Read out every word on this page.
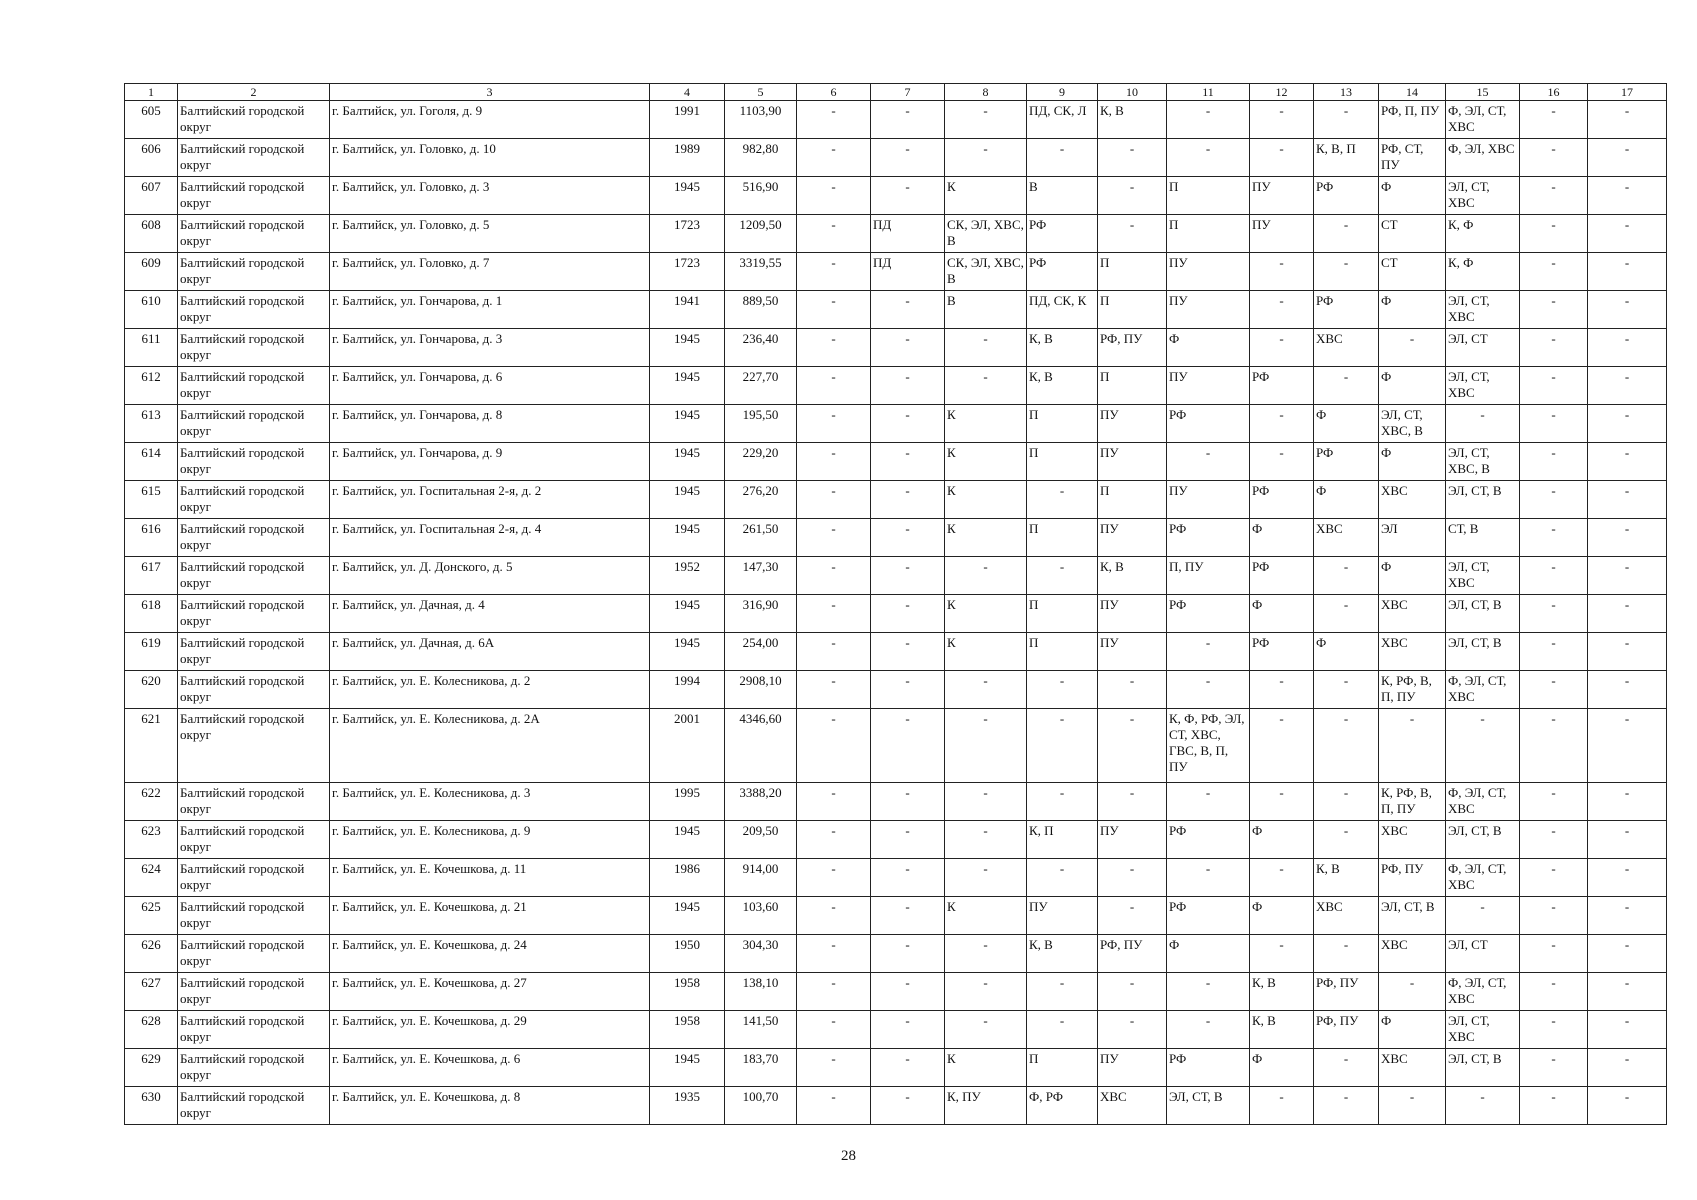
1	2	3	4	5	6	7	8	9	10	11	12	13	14	15	16	17
605	Балтийский городской округ	г. Балтийск, ул. Гоголя, д. 9	1991	1103,90	-	-	-	ПД, СК, Л	К, В	-	-	-	РФ, П, ПУ	Ф, ЭЛ, СТ, ХВС	-	-
606	Балтийский городской округ	г. Балтийск, ул. Головко, д. 10	1989	982,80	-	-	-	-	-	-	-	К, В, П	РФ, СТ, ПУ	Ф, ЭЛ, ХВС	-	-
607	Балтийский городской округ	г. Балтийск, ул. Головко, д. 3	1945	516,90	-	-	К	В	-	П	ПУ	РФ	Ф	ЭЛ, СТ, ХВС	-	-
608	Балтийский городской округ	г. Балтийск, ул. Головко, д. 5	1723	1209,50	-	ПД	СК, ЭЛ, ХВС, В	РФ	-	П	ПУ	-	СТ	К, Ф	-	-
609	Балтийский городской округ	г. Балтийск, ул. Головко, д. 7	1723	3319,55	-	ПД	СК, ЭЛ, ХВС, В	РФ	П	ПУ	-	-	СТ	К, Ф	-	-
610	Балтийский городской округ	г. Балтийск, ул. Гончарова, д. 1	1941	889,50	-	-	В	ПД, СК, К	П	ПУ	-	РФ	Ф	ЭЛ, СТ, ХВС	-	-
611	Балтийский городской округ	г. Балтийск, ул. Гончарова, д. 3	1945	236,40	-	-	-	К, В	РФ, ПУ	Ф	-	ХВС	-	ЭЛ, СТ	-	-
612	Балтийский городской округ	г. Балтийск, ул. Гончарова, д. 6	1945	227,70	-	-	-	К, В	П	ПУ	РФ	-	Ф	ЭЛ, СТ, ХВС	-	-
613	Балтийский городской округ	г. Балтийск, ул. Гончарова, д. 8	1945	195,50	-	-	К	П	ПУ	РФ	-	Ф	ЭЛ, СТ, ХВС, В	-	-	-
614	Балтийский городской округ	г. Балтийск, ул. Гончарова, д. 9	1945	229,20	-	-	К	П	ПУ	-	-	РФ	Ф	ЭЛ, СТ, ХВС, В	-	-
615	Балтийский городской округ	г. Балтийск, ул. Госпитальная 2-я, д. 2	1945	276,20	-	-	К	-	П	ПУ	РФ	Ф	ХВС	ЭЛ, СТ, В	-	-
616	Балтийский городской округ	г. Балтийск, ул. Госпитальная 2-я, д. 4	1945	261,50	-	-	К	П	ПУ	РФ	Ф	ХВС	ЭЛ	СТ, В	-	-
617	Балтийский городской округ	г. Балтийск, ул. Д. Донского, д. 5	1952	147,30	-	-	-	-	К, В	П, ПУ	РФ	-	Ф	ЭЛ, СТ, ХВС	-	-
618	Балтийский городской округ	г. Балтийск, ул. Дачная, д. 4	1945	316,90	-	-	К	П	ПУ	РФ	Ф	-	ХВС	ЭЛ, СТ, В	-	-
619	Балтийский городской округ	г. Балтийск, ул. Дачная, д. 6А	1945	254,00	-	-	К	П	ПУ	-	РФ	Ф	ХВС	ЭЛ, СТ, В	-	-
620	Балтийский городской округ	г. Балтийск, ул. Е. Колесникова, д. 2	1994	2908,10	-	-	-	-	-	-	-	-	К, РФ, В, П, ПУ	Ф, ЭЛ, СТ, ХВС	-	-
621	Балтийский городской округ	г. Балтийск, ул. Е. Колесникова, д. 2А	2001	4346,60	-	-	-	-	-	К, Ф, РФ, ЭЛ, СТ, ХВС, ГВС, В, П, ПУ	-	-	-	-	-	-
622	Балтийский городской округ	г. Балтийск, ул. Е. Колесникова, д. 3	1995	3388,20	-	-	-	-	-	-	-	-	К, РФ, В, П, ПУ	Ф, ЭЛ, СТ, ХВС	-	-
623	Балтийский городской округ	г. Балтийск, ул. Е. Колесникова, д. 9	1945	209,50	-	-	-	К, П	ПУ	РФ	Ф	-	ХВС	ЭЛ, СТ, В	-	-
624	Балтийский городской округ	г. Балтийск, ул. Е. Кочешкова, д. 11	1986	914,00	-	-	-	-	-	-	-	К, В	РФ, ПУ	Ф, ЭЛ, СТ, ХВС	-	-
625	Балтийский городской округ	г. Балтийск, ул. Е. Кочешкова, д. 21	1945	103,60	-	-	К	ПУ	-	РФ	Ф	ХВС	ЭЛ, СТ, В	-	-	-
626	Балтийский городской округ	г. Балтийск, ул. Е. Кочешкова, д. 24	1950	304,30	-	-	-	К, В	РФ, ПУ	Ф	-	-	ХВС	ЭЛ, СТ	-	-
627	Балтийский городской округ	г. Балтийск, ул. Е. Кочешкова, д. 27	1958	138,10	-	-	-	-	-	-	К, В	РФ, ПУ	-	Ф, ЭЛ, СТ, ХВС	-	-
628	Балтийский городской округ	г. Балтийск, ул. Е. Кочешкова, д. 29	1958	141,50	-	-	-	-	-	-	К, В	РФ, ПУ	Ф	ЭЛ, СТ, ХВС	-	-
629	Балтийский городской округ	г. Балтийск, ул. Е. Кочешкова, д. 6	1945	183,70	-	-	К	П	ПУ	РФ	Ф	-	ХВС	ЭЛ, СТ, В	-	-
630	Балтийский городской округ	г. Балтийск, ул. Е. Кочешкова, д. 8	1935	100,70	-	-	К, ПУ	Ф, РФ	ХВС	ЭЛ, СТ, В	-	-	-	-	-	-
28
